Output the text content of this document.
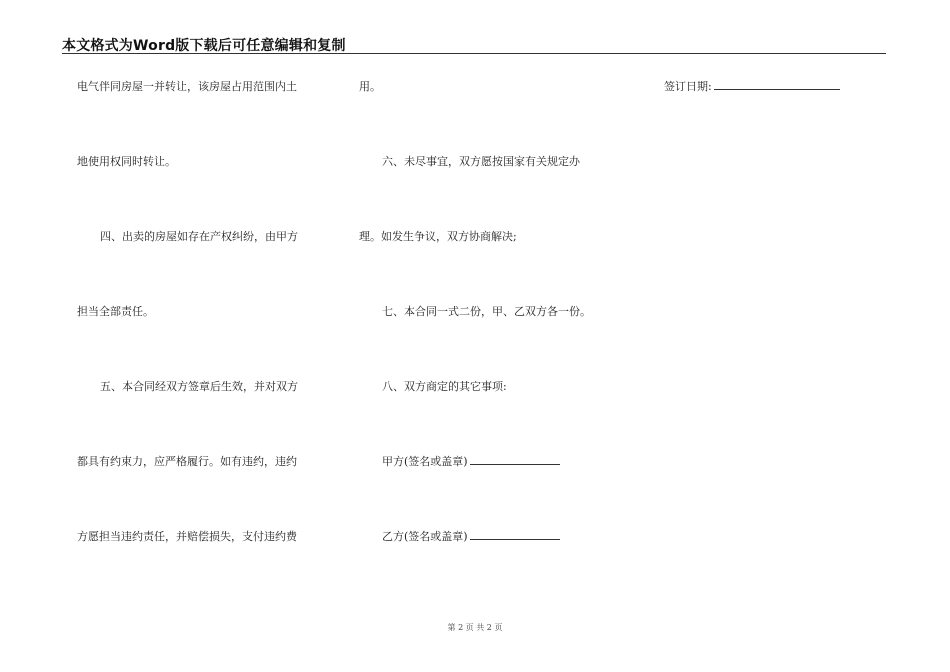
本文格式为Word版下载后可任意编辑和复制
电气伴同房屋一并转让，该房屋占用范围内土
地使用权同时转让。
四、出卖的房屋如存在产权纠纷，由甲方
担当全部责任。
五、本合同经双方签章后生效，并对双方
都具有约束力，应严格履行。如有违约，违约
方愿担当违约责任，并赔偿损失，支付违约费
用。
六、未尽事宜，双方愿按国家有关规定办
理。如发生争议，双方协商解决;
七、本合同一式二份，甲、乙双方各一份。
八、双方商定的其它事项:
甲方(签名或盖章)
乙方(签名或盖章)
签订日期:
第 2 页 共 2 页
